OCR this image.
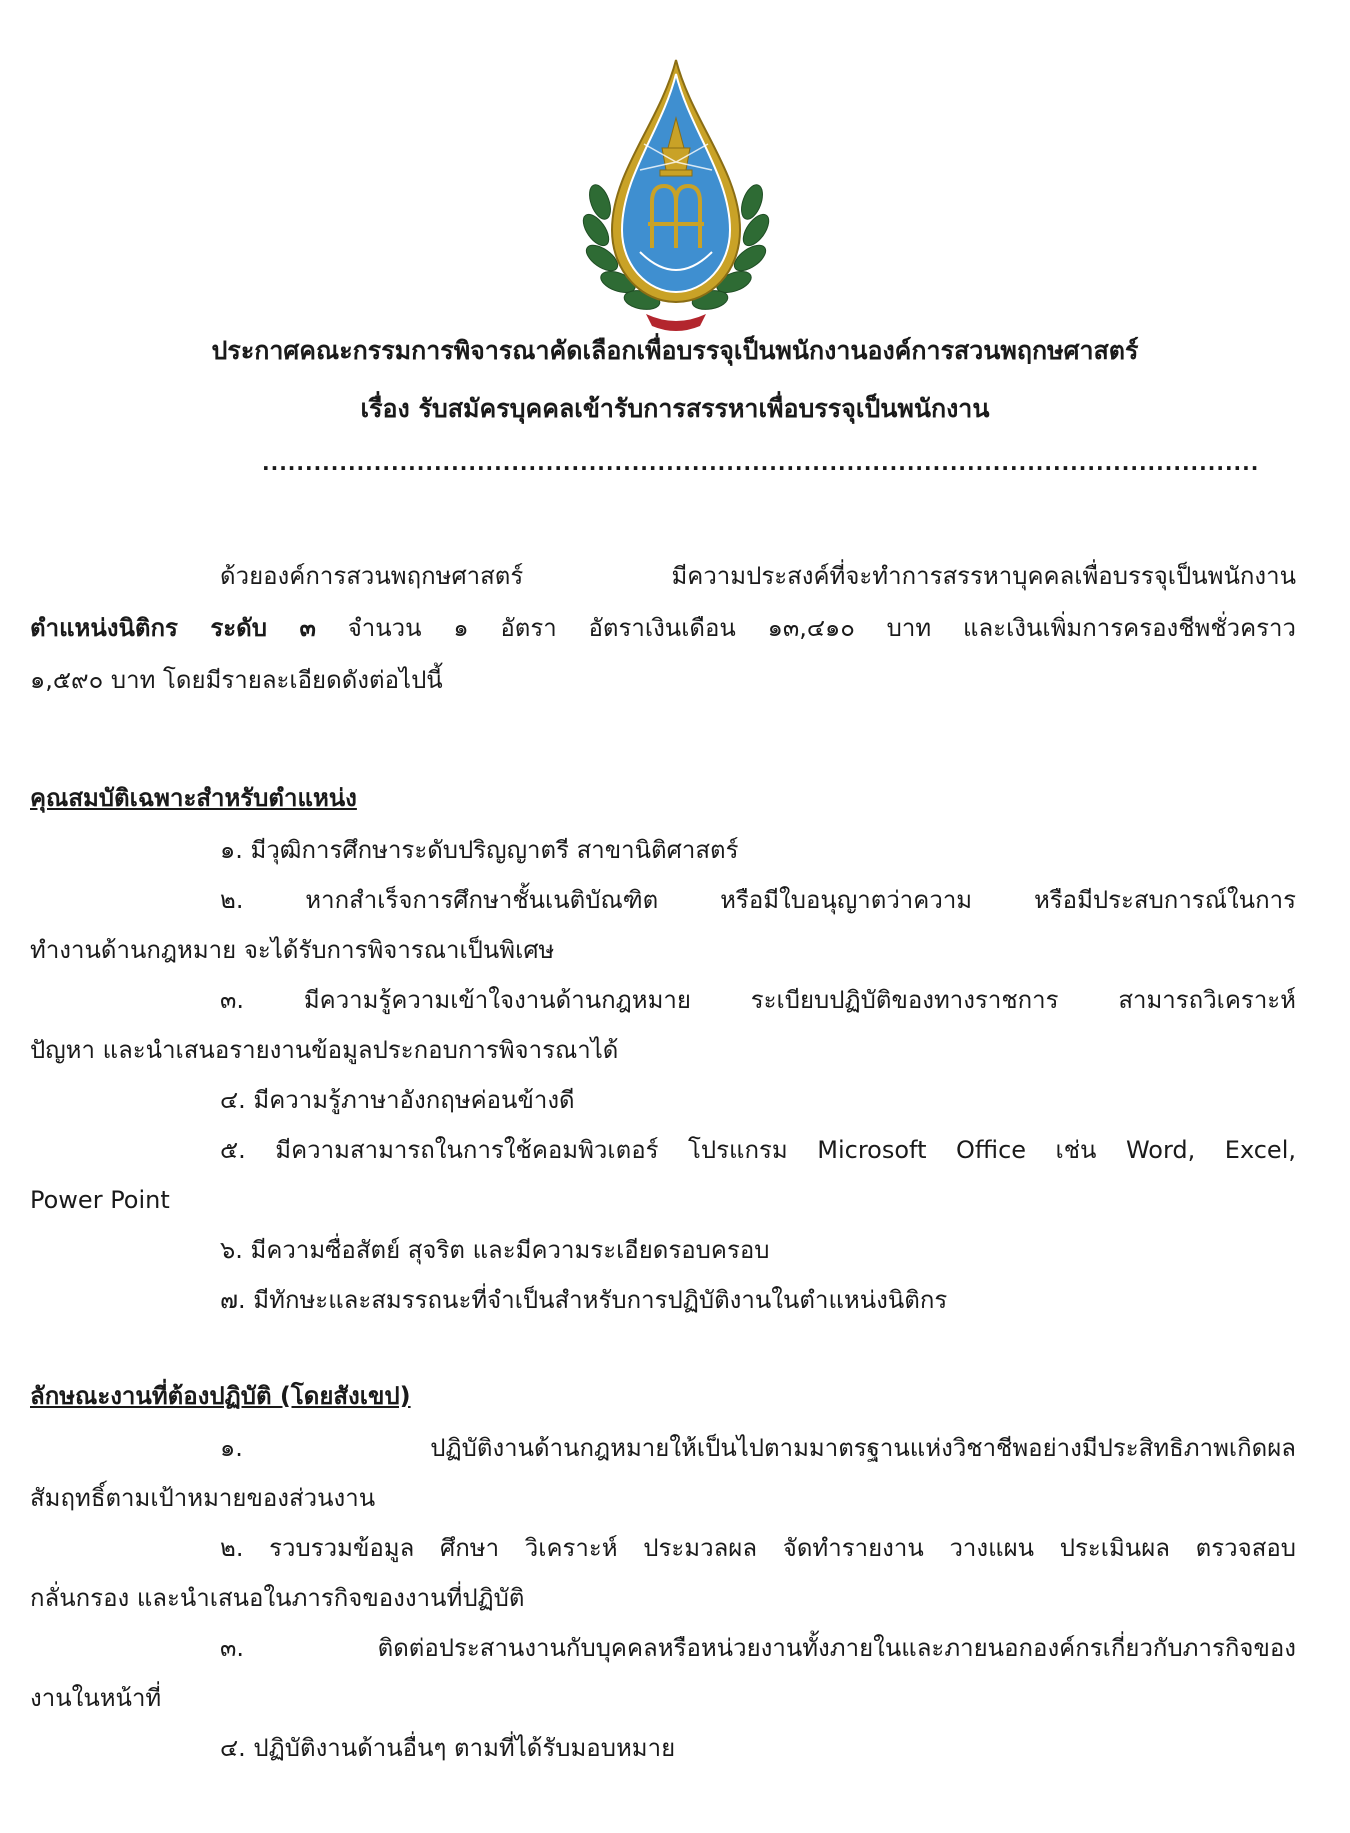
ประกาศคณะกรรมการพิจารณาคัดเลือกเพื่อบรรจุเป็นพนักงานองค์การสวนพฤกษศาสตร์
เรื่อง รับสมัครบุคคลเข้ารับการสรรหาเพื่อบรรจุเป็นพนักงาน
....................................................................................................................
ด้วยองค์การสวนพฤกษศาสตร์ มีความประสงค์ที่จะทำการสรรหาบุคคลเพื่อบรรจุเป็นพนักงาน
ตำแหน่งนิติกร ระดับ ๓ จำนวน ๑ อัตรา อัตราเงินเดือน ๑๓,๔๑๐ บาท และเงินเพิ่มการครองชีพชั่วคราว
๑,๕๙๐ บาท โดยมีรายละเอียดดังต่อไปนี้
คุณสมบัติเฉพาะสำหรับตำแหน่ง
๑. มีวุฒิการศึกษาระดับปริญญาตรี สาขานิติศาสตร์
๒. หากสำเร็จการศึกษาชั้นเนติบัณฑิต หรือมีใบอนุญาตว่าความ หรือมีประสบการณ์ในการ
ทำงานด้านกฎหมาย จะได้รับการพิจารณาเป็นพิเศษ
๓. มีความรู้ความเข้าใจงานด้านกฎหมาย ระเบียบปฏิบัติของทางราชการ สามารถวิเคราะห์
ปัญหา และนำเสนอรายงานข้อมูลประกอบการพิจารณาได้
๔. มีความรู้ภาษาอังกฤษค่อนข้างดี
๕. มีความสามารถในการใช้คอมพิวเตอร์ โปรแกรม Microsoft Office เช่น Word, Excel,
Power Point
๖. มีความซื่อสัตย์ สุจริต และมีความระเอียดรอบครอบ
๗. มีทักษะและสมรรถนะที่จำเป็นสำหรับการปฏิบัติงานในตำแหน่งนิติกร
ลักษณะงานที่ต้องปฏิบัติ (โดยสังเขป)
๑. ปฏิบัติงานด้านกฎหมายให้เป็นไปตามมาตรฐานแห่งวิชาชีพอย่างมีประสิทธิภาพเกิดผล
สัมฤทธิ์ตามเป้าหมายของส่วนงาน
๒. รวบรวมข้อมูล ศึกษา วิเคราะห์ ประมวลผล จัดทำรายงาน วางแผน ประเมินผล ตรวจสอบ
กลั่นกรอง และนำเสนอในภารกิจของงานที่ปฏิบัติ
๓. ติดต่อประสานงานกับบุคคลหรือหน่วยงานทั้งภายในและภายนอกองค์กรเกี่ยวกับภารกิจของ
งานในหน้าที่
๔. ปฏิบัติงานด้านอื่นๆ ตามที่ได้รับมอบหมาย
